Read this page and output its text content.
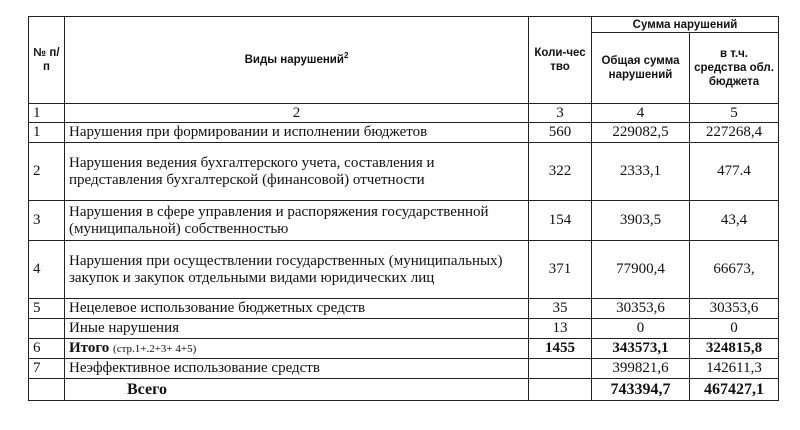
№ п/п	Виды нарушений$^2$	Коли-чество	Сумма нарушений	
			Общая сумма нарушений	в т.ч. средства обл. бюджета
1	2	3	4	5
1	Нарушения при формировании и исполнении бюджетов	560	229082,5	227268,4
2	Нарушения ведения бухгалтерского учета, составления и представления бухгалтерской (финансовой) отчетности	322	2333,1	477.4
3	Нарушения в сфере управления и распоряжения государственной (муниципальной) собственностью	154	3903,5	43,4
4	Нарушения при осуществлении государственных (муниципальных) закупок и закупок отдельными видами юридических лиц	371	77900,4	66673,
5	Нецелевое использование бюджетных средств	35	30353,6	30353,6
	Иные нарушения	13	0	0
6	Итого (стр.1+.2+3+ 4+5)	1455	343573,1	324815,8
7	Неэффективное использование средств		399821,6	142611,3
	Всего		743394,7	467427,1
